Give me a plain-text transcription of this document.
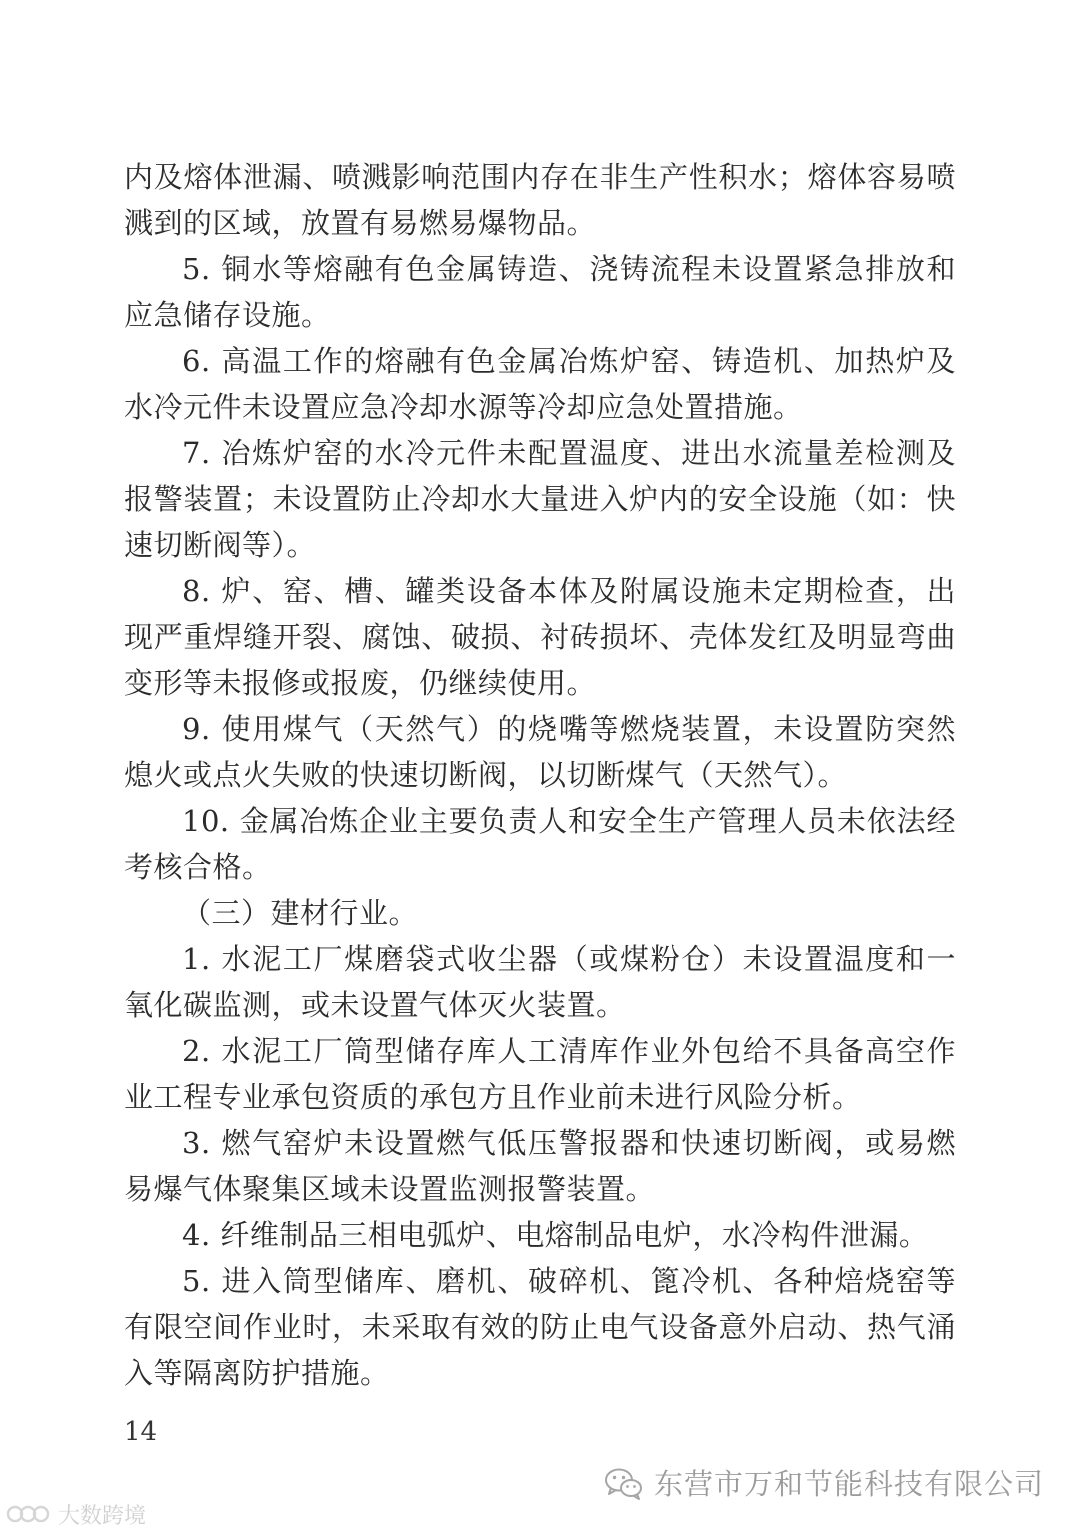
内及熔体泄漏、喷溅影响范围内存在非生产性积水；熔体容易喷溅到的区域，放置有易燃易爆物品。

5. 铜水等熔融有色金属铸造、浇铸流程未设置紧急排放和应急储存设施。

6. 高温工作的熔融有色金属冶炼炉窑、铸造机、加热炉及水冷元件未设置应急冷却水源等冷却应急处置措施。

7. 冶炼炉窑的水冷元件未配置温度、进出水流量差检测及报警装置；未设置防止冷却水大量进入炉内的安全设施（如：快速切断阀等）。

8. 炉、窑、槽、罐类设备本体及附属设施未定期检查，出现严重焊缝开裂、腐蚀、破损、衬砖损坏、壳体发红及明显弯曲变形等未报修或报废，仍继续使用。

9. 使用煤气（天然气）的烧嘴等燃烧装置，未设置防突然熄火或点火失败的快速切断阀，以切断煤气（天然气）。

10. 金属冶炼企业主要负责人和安全生产管理人员未依法经考核合格。

（三）建材行业。

1. 水泥工厂煤磨袋式收尘器（或煤粉仓）未设置温度和一氧化碳监测，或未设置气体灭火装置。

2. 水泥工厂筒型储存库人工清库作业外包给不具备高空作业工程专业承包资质的承包方且作业前未进行风险分析。

3. 燃气窑炉未设置燃气低压警报器和快速切断阀，或易燃易爆气体聚集区域未设置监测报警装置。

4. 纤维制品三相电弧炉、电熔制品电炉，水冷构件泄漏。

5. 进入筒型储库、磨机、破碎机、篦冷机、各种焙烧窑等有限空间作业时，未采取有效的防止电气设备意外启动、热气涌入等隔离防护措施。

14
东营市万和节能科技有限公司
大数跨境
